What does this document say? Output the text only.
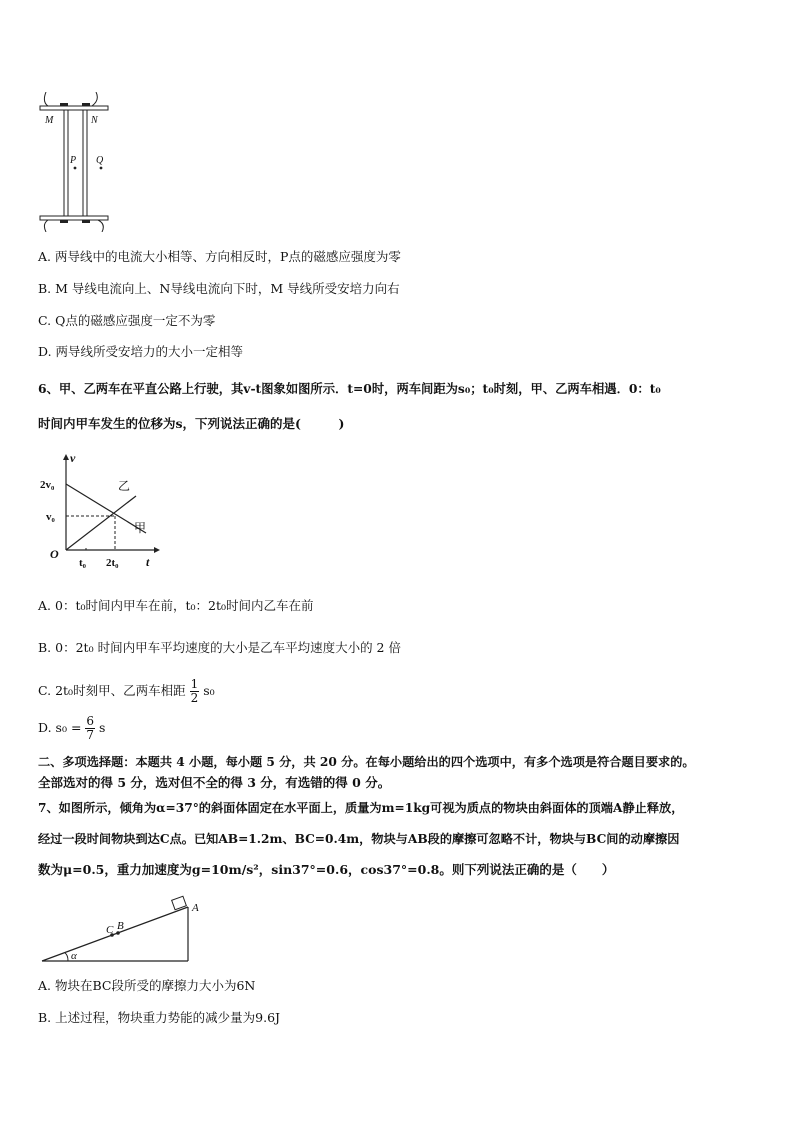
M	N
P Q
A. 两导线中的电流大小相等、方向相反时，P点的磁感应强度为零
B. M 导线电流向上、N导线电流向下时，M 导线所受安培力向右
C. Q点的磁感应强度一定不为零
D. 两导线所受安培力的大小一定相等
6、甲、乙两车在平直公路上行驶，其v-t图象如图所示．t=0时，两车间距为s₀；t₀时刻，甲、乙两车相遇．0：t₀
时间内甲车发生的位移为s，下列说法正确的是(　　　)
v
t
O
2v₀
v₀
t₀ 2t₀
乙
甲
A. 0：t₀时间内甲车在前，t₀：2t₀时间内乙车在前
B. 0：2t₀ 时间内甲车平均速度的大小是乙车平均速度大小的 2 倍
C. 2t₀时刻甲、乙两车相距 $\frac{1}{2} s_0$
D. $s_0 = \frac{6}{7}$ s
二、多项选择题：本题共 4 小题，每小题 5 分，共 20 分。在每小题给出的四个选项中，有多个选项是符合题目要求的。
全部选对的得 5 分，选对但不全的得 3 分，有选错的得 0 分。
7、如图所示，倾角为α=37°的斜面体固定在水平面上，质量为m=1kg可视为质点的物块由斜面体的顶端A静止释放，
经过一段时间物块到达C点。已知AB=1.2m、BC=0.4m，物块与AB段的摩擦可忽略不计，物块与BC间的动摩擦因
数为μ=0.5，重力加速度为g=10m/s²，sin37°=0.6，cos37°=0.8。则下列说法正确的是（　　）
A
B
C
α
A. 物块在BC段所受的摩擦力大小为6N
B. 上述过程，物块重力势能的减少量为9.6J
